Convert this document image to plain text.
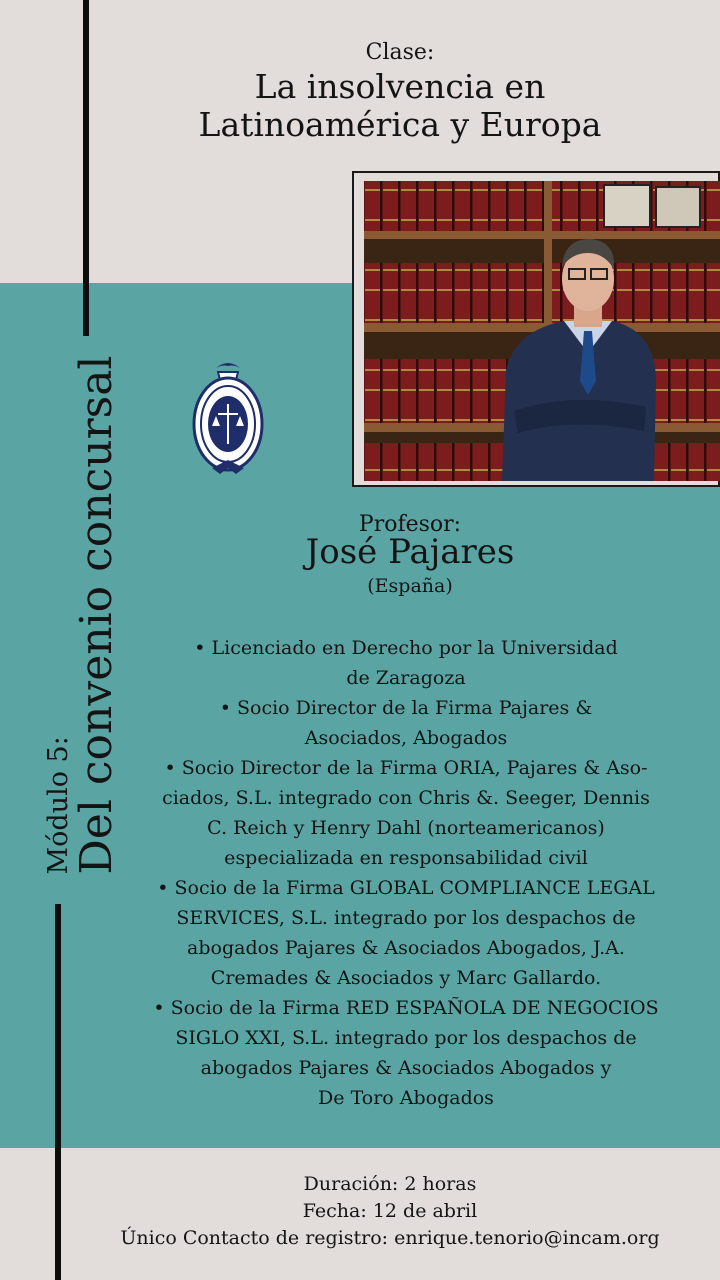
Clase:
La insolvencia en
Latinoamérica y Europa
Módulo 5:
Del convenio concursal	Profesor:
José Pajares
(España)
• Licenciado en Derecho por la Universidad
de Zaragoza
• Socio Director de la Firma Pajares &
Asociados, Abogados
• Socio Director de la Firma ORIA, Pajares & Aso-
ciados, S.L. integrado con Chris &. Seeger, Dennis
C. Reich y Henry Dahl (norteamericanos)
especializada en responsabilidad civil
• Socio de la Firma GLOBAL COMPLIANCE LEGAL
SERVICES, S.L. integrado por los despachos de
abogados Pajares & Asociados Abogados, J.A.
Cremades & Asociados y Marc Gallardo.
• Socio de la Firma RED ESPAÑOLA DE NEGOCIOS
SIGLO XXI, S.L. integrado por los despachos de
abogados Pajares & Asociados Abogados y
De Toro Abogados
Duración: 2 horas
Fecha: 12 de abril
Único Contacto de registro: enrique.tenorio@incam.org
